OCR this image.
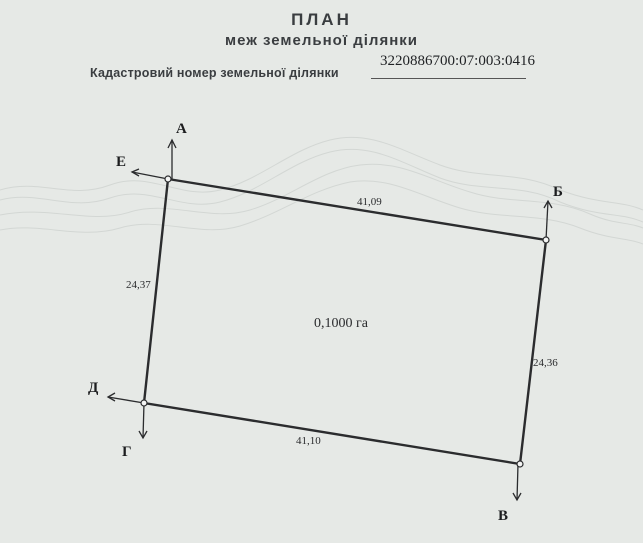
ПЛАН
меж земельної ділянки
Кадастровий номер земельної ділянки
3220886700:07:003:0416
А
Б
В
Г
Д
Е
41,09
24,36
41,10
24,37
0,1000 га
